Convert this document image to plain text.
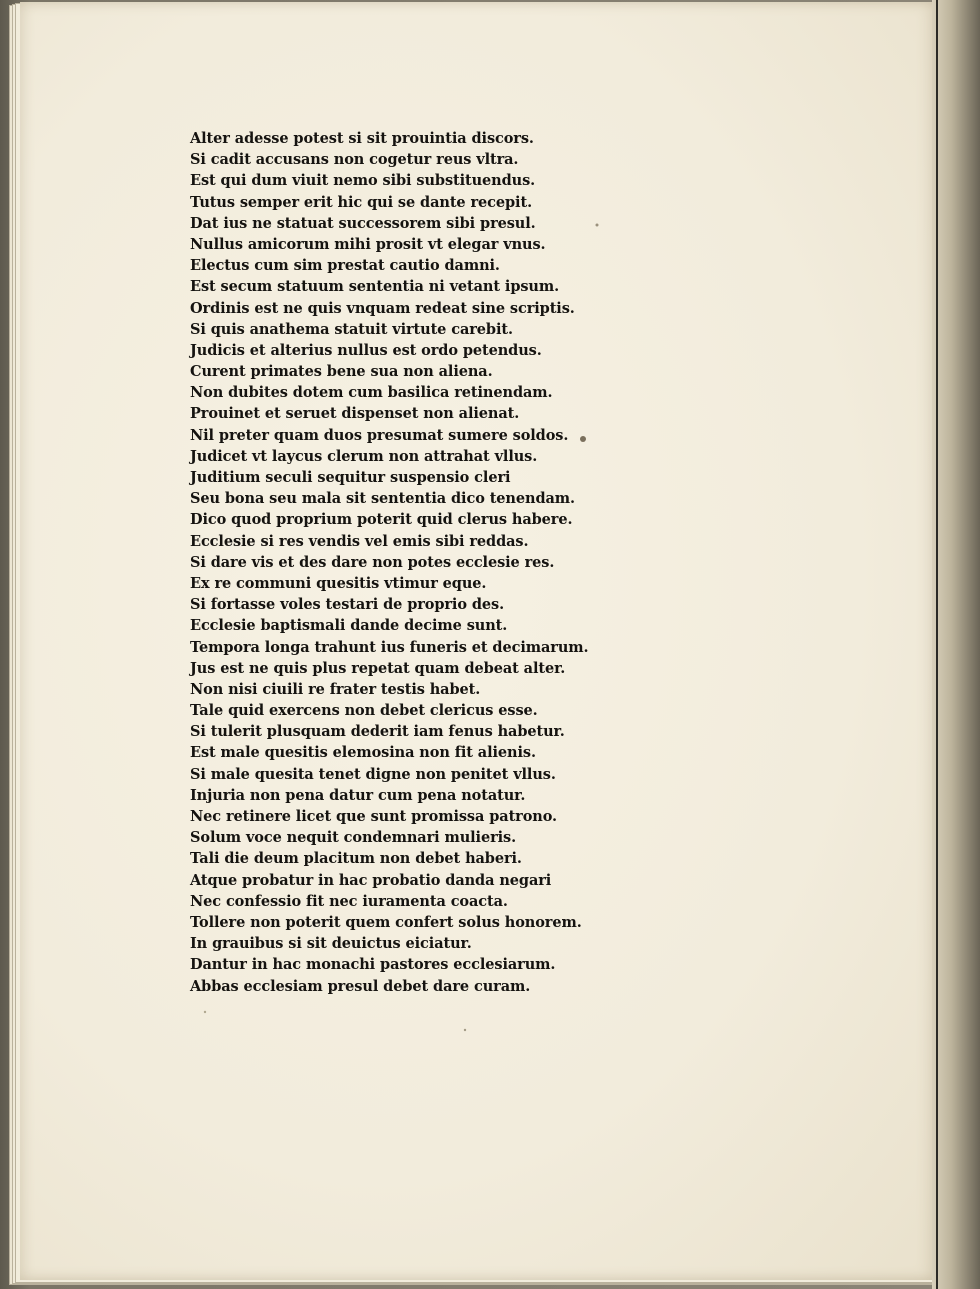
Alter adesse potest si sit prouintia discors.
Si cadit accusans non cogetur reus vltra.
Est qui dum viuit nemo sibi substituendus.
Tutus semper erit hic qui se dante recepit.
Dat ius ne statuat successorem sibi presul.
Nullus amicorum mihi prosit vt elegar vnus.
Electus cum sim prestat cautio damni.
Est secum statuum sententia ni vetant ipsum.
Ordinis est ne quis vnquam redeat sine scriptis.
Si quis anathema statuit virtute carebit.
Judicis et alterius nullus est ordo petendus.
Curent primates bene sua non aliena.
Non dubites dotem cum basilica retinendam.
Prouinet et seruet dispenset non alienat.
Nil preter quam duos presumat sumere soldos.
Judicet vt laycus clerum non attrahat vllus.
Juditium seculi sequitur suspensio cleri
Seu bona seu mala sit sententia dico tenendam.
Dico quod proprium poterit quid clerus habere.
Ecclesie si res vendis vel emis sibi reddas.
Si dare vis et des dare non potes ecclesie res.
Ex re communi quesitis vtimur eque.
Si fortasse voles testari de proprio des.
Ecclesie baptismali dande decime sunt.
Tempora longa trahunt ius funeris et decimarum.
Jus est ne quis plus repetat quam debeat alter.
Non nisi ciuili re frater testis habet.
Tale quid exercens non debet clericus esse.
Si tulerit plusquam dederit iam fenus habetur.
Est male quesitis elemosina non fit alienis.
Si male quesita tenet digne non penitet vllus.
Injuria non pena datur cum pena notatur.
Nec retinere licet que sunt promissa patrono.
Solum voce nequit condemnari mulieris.
Tali die deum placitum non debet haberi.
Atque probatur in hac probatio danda negari
Nec confessio fit nec iuramenta coacta.
Tollere non poterit quem confert solus honorem.
In grauibus si sit deuictus eiciatur.
Dantur in hac monachi pastores ecclesiarum.
Abbas ecclesiam presul debet dare curam.
